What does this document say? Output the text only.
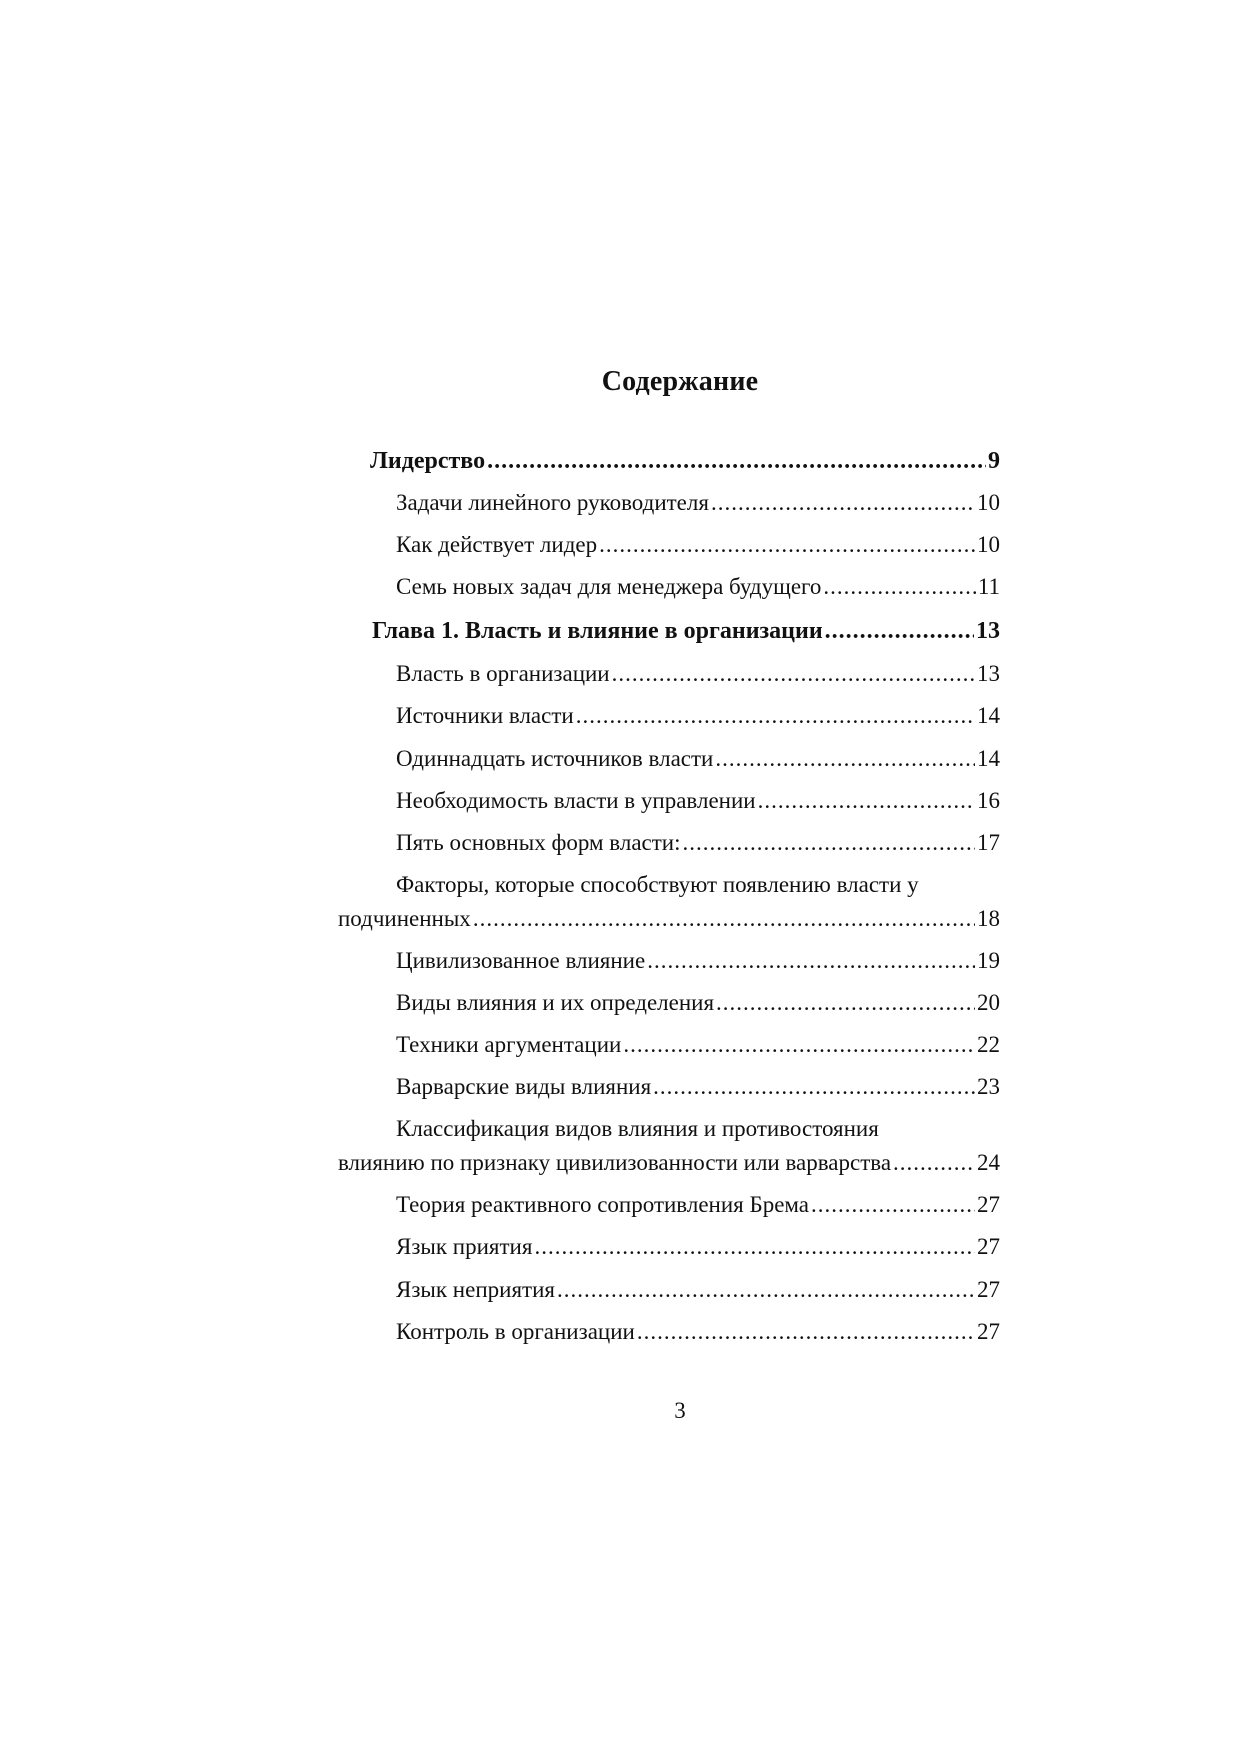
Содержание
Лидерство .....	9
Задачи линейного руководителя .....	10
Как действует лидер .....	10
Семь новых задач для менеджера будущего .....	11
Глава 1. Власть и влияние в организации .....	13
Власть в организации .....	13
Источники власти .....	14
Одиннадцать источников власти .....	14
Необходимость власти в управлении .....	16
Пять основных форм власти: .....	17
Факторы, которые способствуют появлению власти у
подчиненных .....	18
Цивилизованное влияние .....	19
Виды влияния и их определения .....	20
Техники аргументации .....	22
Варварские виды влияния .....	23
Классификация видов влияния и противостояния
влиянию по признаку цивилизованности или варварства .....	24
Теория реактивного сопротивления Брема .....	27
Язык приятия .....	27
Язык неприятия .....	27
Контроль в организации .....	27
3
